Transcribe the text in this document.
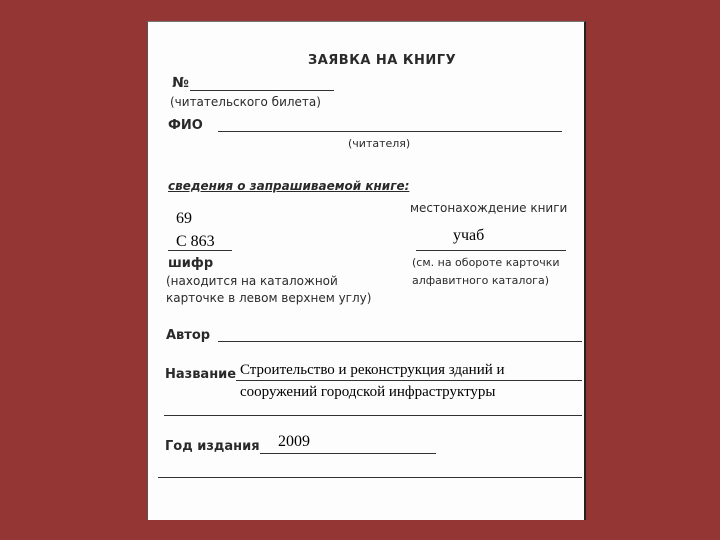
ЗАЯВКА НА КНИГУ
№
(читательского билета)
ФИО
(читателя)
сведения о запрашиваемой книге:
местонахождение книги
69
С 863	учаб
шифр
(находится на каталожной
карточке в левом верхнем углу)
(см. на обороте карточки
алфавитного каталога)
Автор
Название Строительство и реконструкция зданий и
сооружений городской инфраструктуры
Год издания 2009
